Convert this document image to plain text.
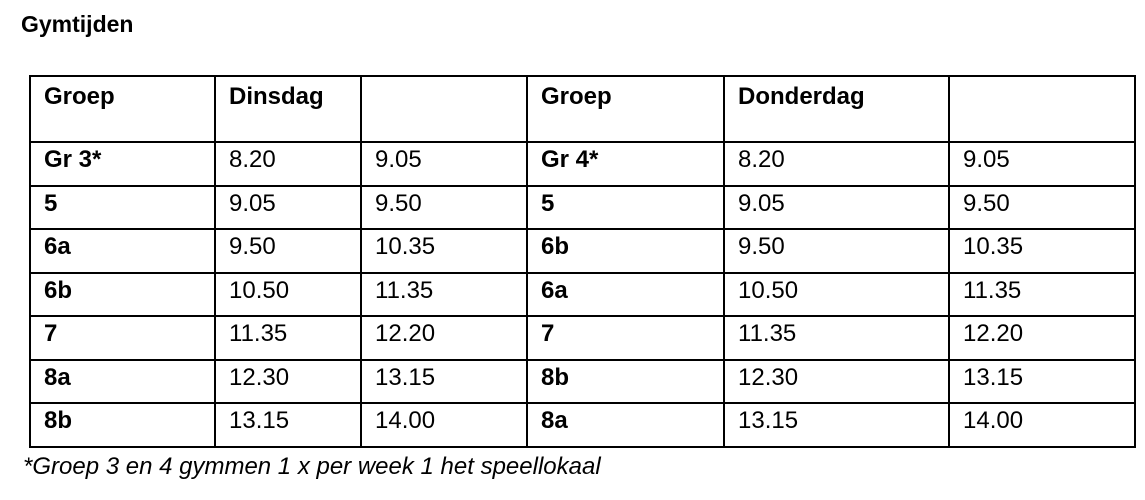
Gymtijden
Groep	Dinsdag		Groep	Donderdag	
Gr 3*	8.20	9.05	Gr 4*	8.20	9.05
5	9.05	9.50	5	9.05	9.50
6a	9.50	10.35	6b	9.50	10.35
6b	10.50	11.35	6a	10.50	11.35
7	11.35	12.20	7	11.35	12.20
8a	12.30	13.15	8b	12.30	13.15
8b	13.15	14.00	8a	13.15	14.00

*Groep 3 en 4 gymmen 1 x per week 1 het speellokaal
